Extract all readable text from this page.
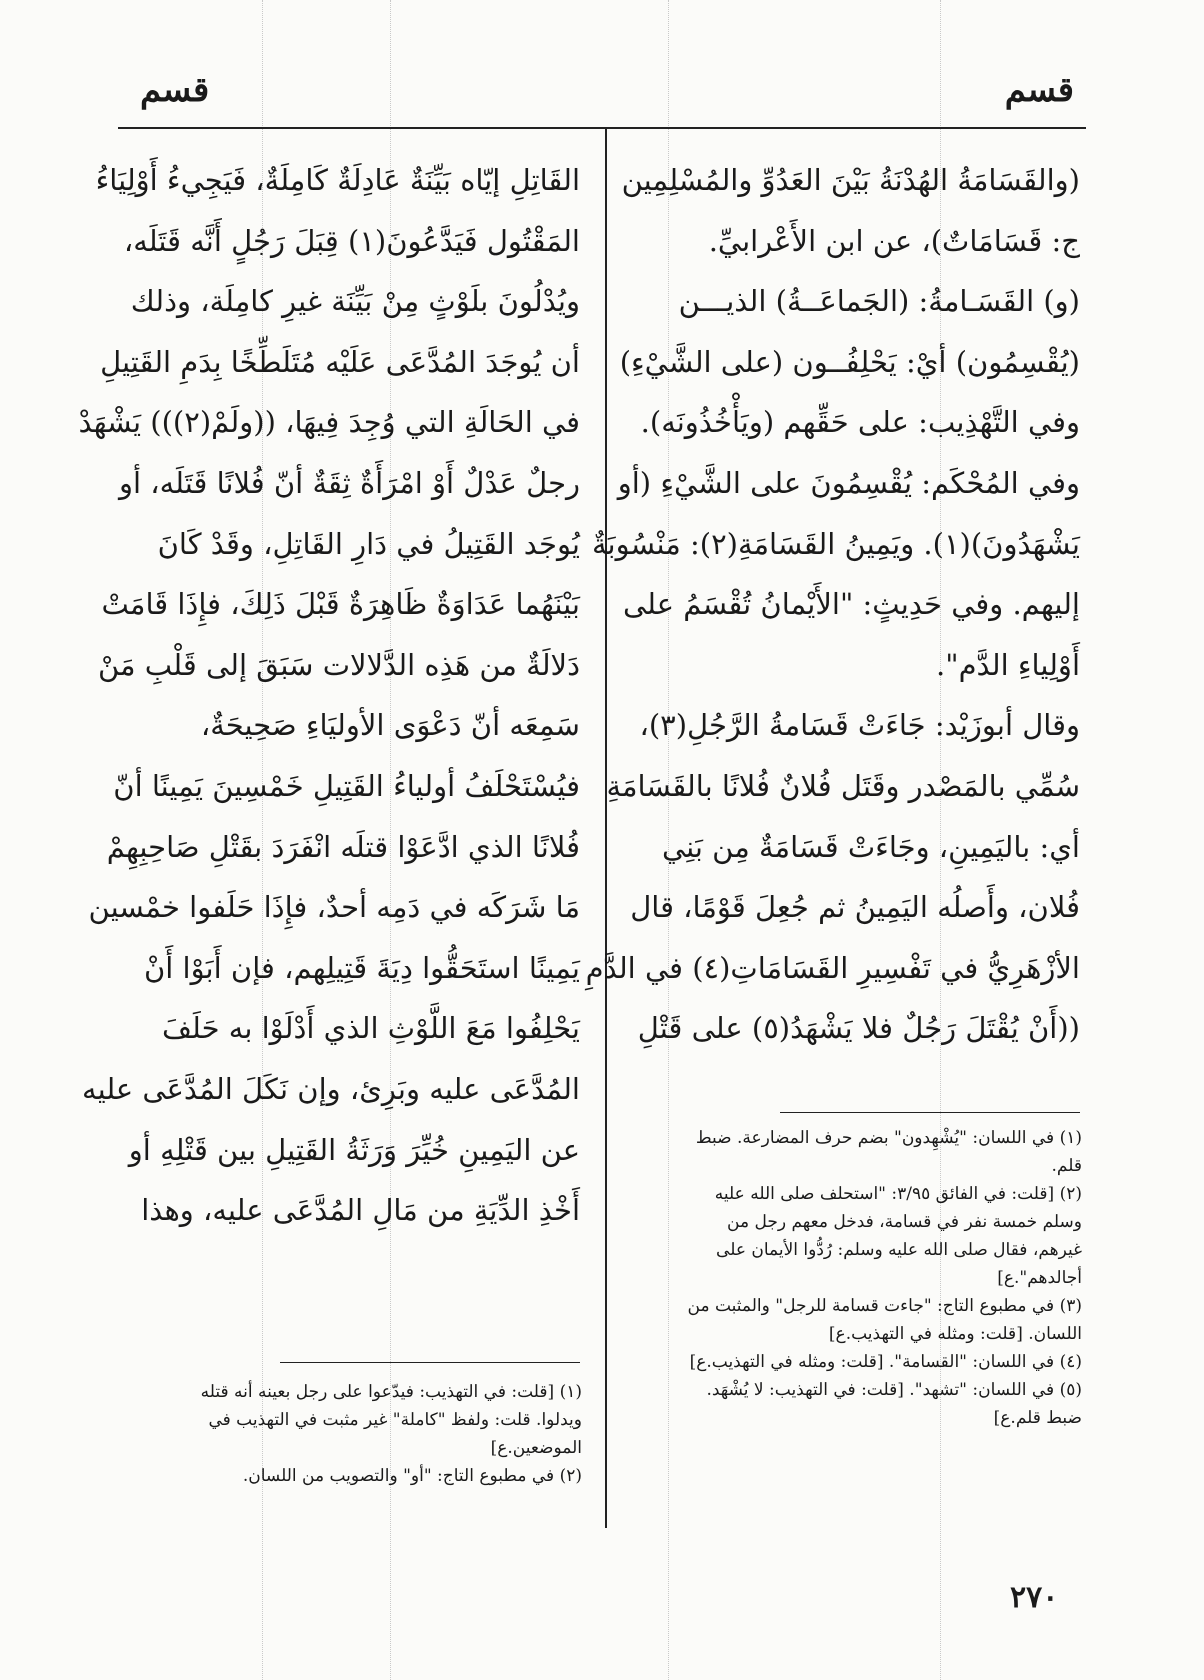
قسم
قسم
(والقَسَامَةُ الهُدْنَةُ بَيْنَ العَدُوِّ والمُسْلِمِين
ج: قَسَامَاتٌ)، عن ابن الأَعْرابيِّ.
(و) القَسَـامةُ: (الجَماعَــةُ) الذيـــن
(يُقْسِمُون) أيْ: يَحْلِفُــون (على الشَّيْءِ)
وفي التَّهْذِيب: على حَقِّهم (ويَأْخُذُونَه).
وفي المُحْكَم: يُقْسِمُونَ على الشَّيْءِ (أو
يَشْهَدُونَ)(١). ويَمِينُ القَسَامَةِ(٢): مَنْسُوبَةٌ
إليهم. وفي حَدِيثٍ: "الأَيْمانُ تُقْسَمُ على
أَوْلِياءِ الدَّم".
وقال أبوزَيْد: جَاءَتْ قَسَامةُ الرَّجُلِ(٣)،
سُمِّي بالمَصْدر وقَتَل فُلانٌ فُلانًا بالقَسَامَةِ
أي: باليَمِينِ، وجَاءَتْ قَسَامَةٌ مِن بَنِي
فُلان، وأَصلُه اليَمِينُ ثم جُعِلَ قَوْمًا، قال
الأزْهَرِيُّ في تَفْسِيرِ القَسَامَاتِ(٤) في الدَّمِ
((أَنْ يُقْتَلَ رَجُلٌ فلا يَشْهَدُ(٥) على قَتْلِ
(١) في اللسان: "يُشْهِدون" بضم حرف المضارعة. ضبط
قلم.
(٢) [قلت: في الفائق ٣/٩٥: "استحلف صلى الله عليه
وسلم خمسة نفر في قسامة، فدخل معهم رجل من
غيرهم، فقال صلى الله عليه وسلم: رُدُّوا الأيمان على
أجالدهم".ع]
(٣) في مطبوع التاج: "جاءت قسامة للرجل" والمثبت من
اللسان. [قلت: ومثله في التهذيب.ع]
(٤) في اللسان: "القسامة". [قلت: ومثله في التهذيب.ع]
(٥) في اللسان: "تشهد". [قلت: في التهذيب: لا يُشْهَد.
ضبط قلم.ع]
القَاتِلِ إيّاه بَيِّنَةٌ عَادِلَةٌ كَامِلَةٌ، فَيَجِيءُ أَوْلِيَاءُ
المَقْتُول فَيَدَّعُونَ(١) قِبَلَ رَجُلٍ أَنَّه قَتَلَه،
ويُدْلُونَ بلَوْثٍ مِنْ بَيِّنَة غيرِ كامِلَة، وذلك
أن يُوجَدَ المُدَّعَى عَلَيْه مُتَلَطِّخًا بِدَمِ القَتِيلِ
في الحَالَةِ التي وُجِدَ فِيهَا، ((ولَمْ(٢))) يَشْهَدْ
رجلٌ عَدْلٌ أَوْ امْرَأَةٌ ثِقَةٌ أنّ فُلانًا قَتَلَه، أو
يُوجَد القَتِيلُ في دَارِ القَاتِلِ، وقَدْ كَانَ
بَيْنَهُما عَدَاوَةٌ ظَاهِرَةٌ قَبْلَ ذَلِكَ، فإِذَا قَامَتْ
دَلالَةٌ من هَذِه الدَّلالات سَبَقَ إلى قَلْبِ مَنْ
سَمِعَه أنّ دَعْوَى الأوليَاءِ صَحِيحَةٌ،
فيُسْتَحْلَفُ أولياءُ القَتِيلِ خَمْسِينَ يَمِينًا أنّ
فُلانًا الذي ادَّعَوْا قتلَه انْفَرَدَ بقَتْلِ صَاحِبِهِمْ
مَا شَرَكَه في دَمِه أحدٌ، فإِذَا حَلَفوا خمْسين
يَمِينًا استَحَقُّوا دِيَةَ قَتِيلِهم، فإن أَبَوْا أَنْ
يَحْلِفُوا مَعَ اللَّوْثِ الذي أَدْلَوْا به حَلَفَ
المُدَّعَى عليه وبَرِئ، وإن نَكَلَ المُدَّعَى عليه
عن اليَمِينِ خُيِّرَ وَرَثَةُ القَتِيلِ بين قَتْلِهِ أو
أَخْذِ الدِّيَةِ من مَالِ المُدَّعَى عليه، وهذا
(١) [قلت: في التهذيب: فيدّعوا على رجل بعينه أنه قتله
ويدلوا. قلت: ولفظ "كاملة" غير مثبت في التهذيب في
الموضعين.ع]
(٢) في مطبوع التاج: "أو" والتصويب من اللسان.
٢٧٠
